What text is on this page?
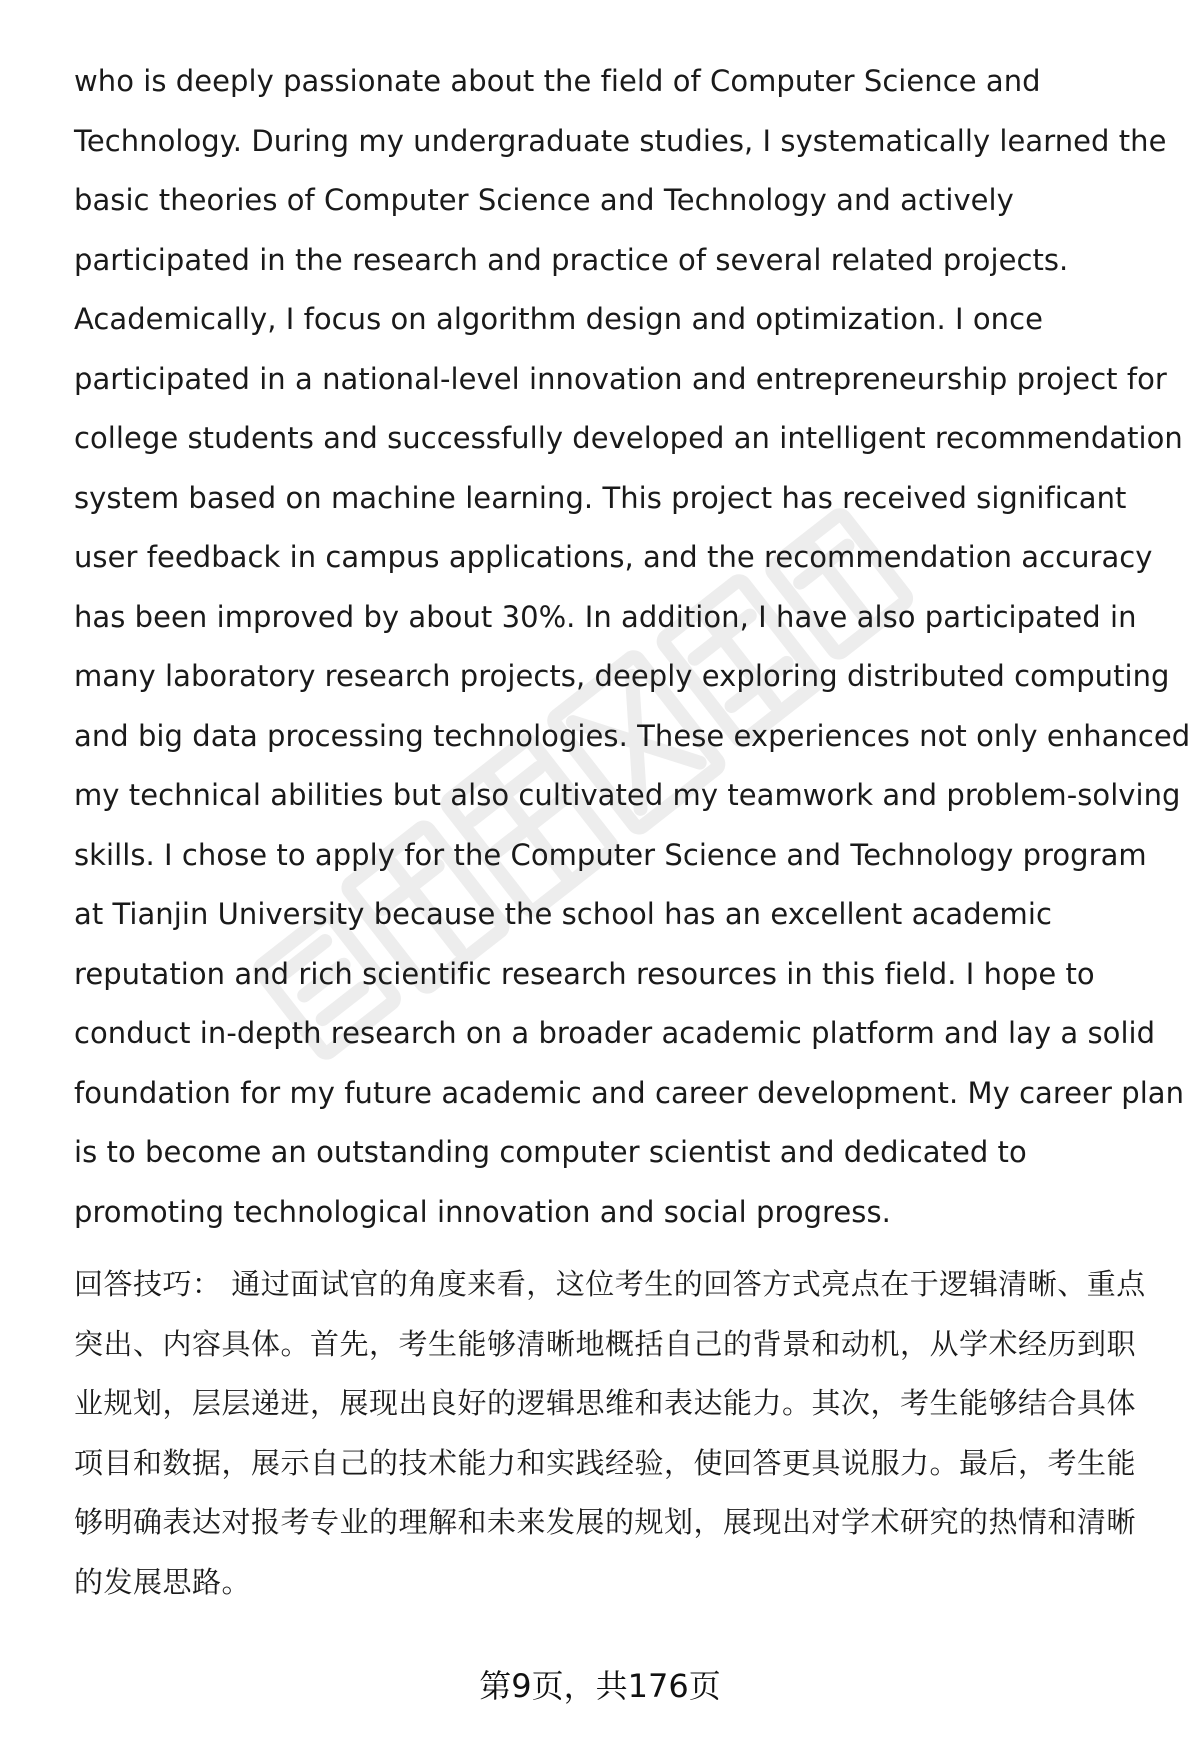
who is deeply passionate about the field of Computer Science and
Technology. During my undergraduate studies, I systematically learned the
basic theories of Computer Science and Technology and actively
participated in the research and practice of several related projects.
Academically, I focus on algorithm design and optimization. I once
participated in a national-level innovation and entrepreneurship project for
college students and successfully developed an intelligent recommendation
system based on machine learning. This project has received significant
user feedback in campus applications, and the recommendation accuracy
has been improved by about 30%. In addition, I have also participated in
many laboratory research projects, deeply exploring distributed computing
and big data processing technologies. These experiences not only enhanced
my technical abilities but also cultivated my teamwork and problem-solving
skills. I chose to apply for the Computer Science and Technology program
at Tianjin University because the school has an excellent academic
reputation and rich scientific research resources in this field. I hope to
conduct in-depth research on a broader academic platform and lay a solid
foundation for my future academic and career development. My career plan
is to become an outstanding computer scientist and dedicated to
promoting technological innovation and social progress.
回答技巧： 通过面试官的角度来看，这位考生的回答方式亮点在于逻辑清晰、重点
突出、内容具体。首先，考生能够清晰地概括自己的背景和动机，从学术经历到职
业规划，层层递进，展现出良好的逻辑思维和表达能力。其次，考生能够结合具体
项目和数据，展示自己的技术能力和实践经验，使回答更具说服力。最后，考生能
够明确表达对报考专业的理解和未来发展的规划，展现出对学术研究的热情和清晰
的发展思路。
第9页，共176页
